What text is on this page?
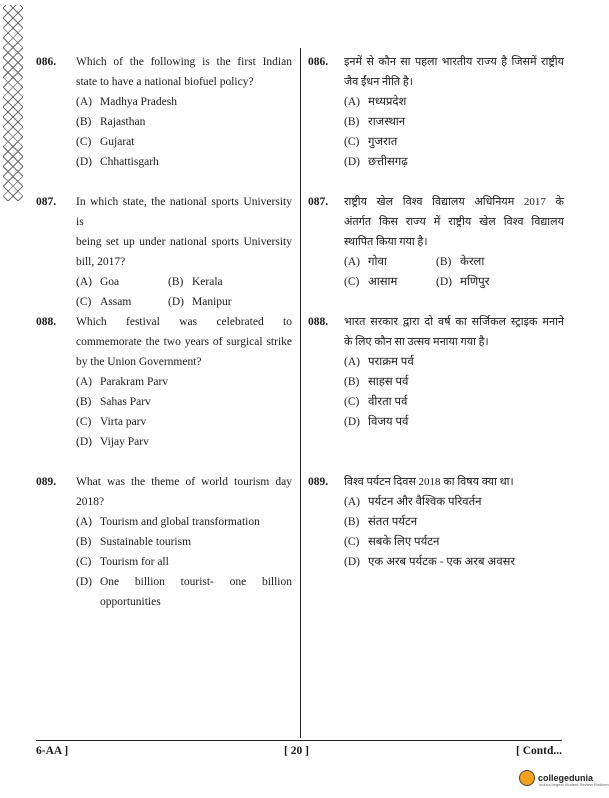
086. Which of the following is the first Indian
state to have a national biofuel policy?
(A) Madhya Pradesh
(B) Rajasthan
(C) Gujarat
(D) Chhattisgarh
087. In which state, the national sports University is
being set up under national sports University
bill, 2017?
(A) Goa	(B) Kerala
(C) Assam	(D) Manipur
088. Which festival was celebrated to
commemorate the two years of surgical strike
by the Union Government?
(A) Parakram Parv
(B) Sahas Parv
(C) Virta parv
(D) Vijay Parv
089. What was the theme of world tourism day
2018?
(A) Tourism and global transformation
(B) Sustainable tourism
(C) Tourism for all
(D) One billion tourist- one billion
opportunities
086. इनमें से कौन सा पहला भारतीय राज्य है जिसमें राष्ट्रीय
जैव ईंधन नीति है।
(A) मध्यप्रदेश
(B) राजस्थान
(C) गुजरात
(D) छत्तीसगढ़
087. राष्ट्रीय खेल विश्व विद्यालय अधिनियम 2017 के
अंतर्गत किस राज्य में राष्ट्रीय खेल विश्व विद्यालय
स्थापित किया गया है।
(A) गोवा	(B) केरला
(C) आसाम	(D) मणिपुर
088. भारत सरकार द्वारा दो वर्ष का सर्जिकल स्ट्राइक मनाने
के लिए कौन सा उत्सव मनाया गया है।
(A) पराक्रम पर्व
(B) साहस पर्व
(C) वीरता पर्व
(D) विजय पर्व
089. विश्व पर्यटन दिवस 2018 का विषय क्या था।
(A) पर्यटन और वैश्विक परिवर्तन
(B) संतत पर्यटन
(C) सबके लिए पर्यटन
(D) एक अरब पर्यटक - एक अरब अवसर
6-AA ]	[ 20 ]	[ Contd...
collegedunia
India's largest Student Review Platform
